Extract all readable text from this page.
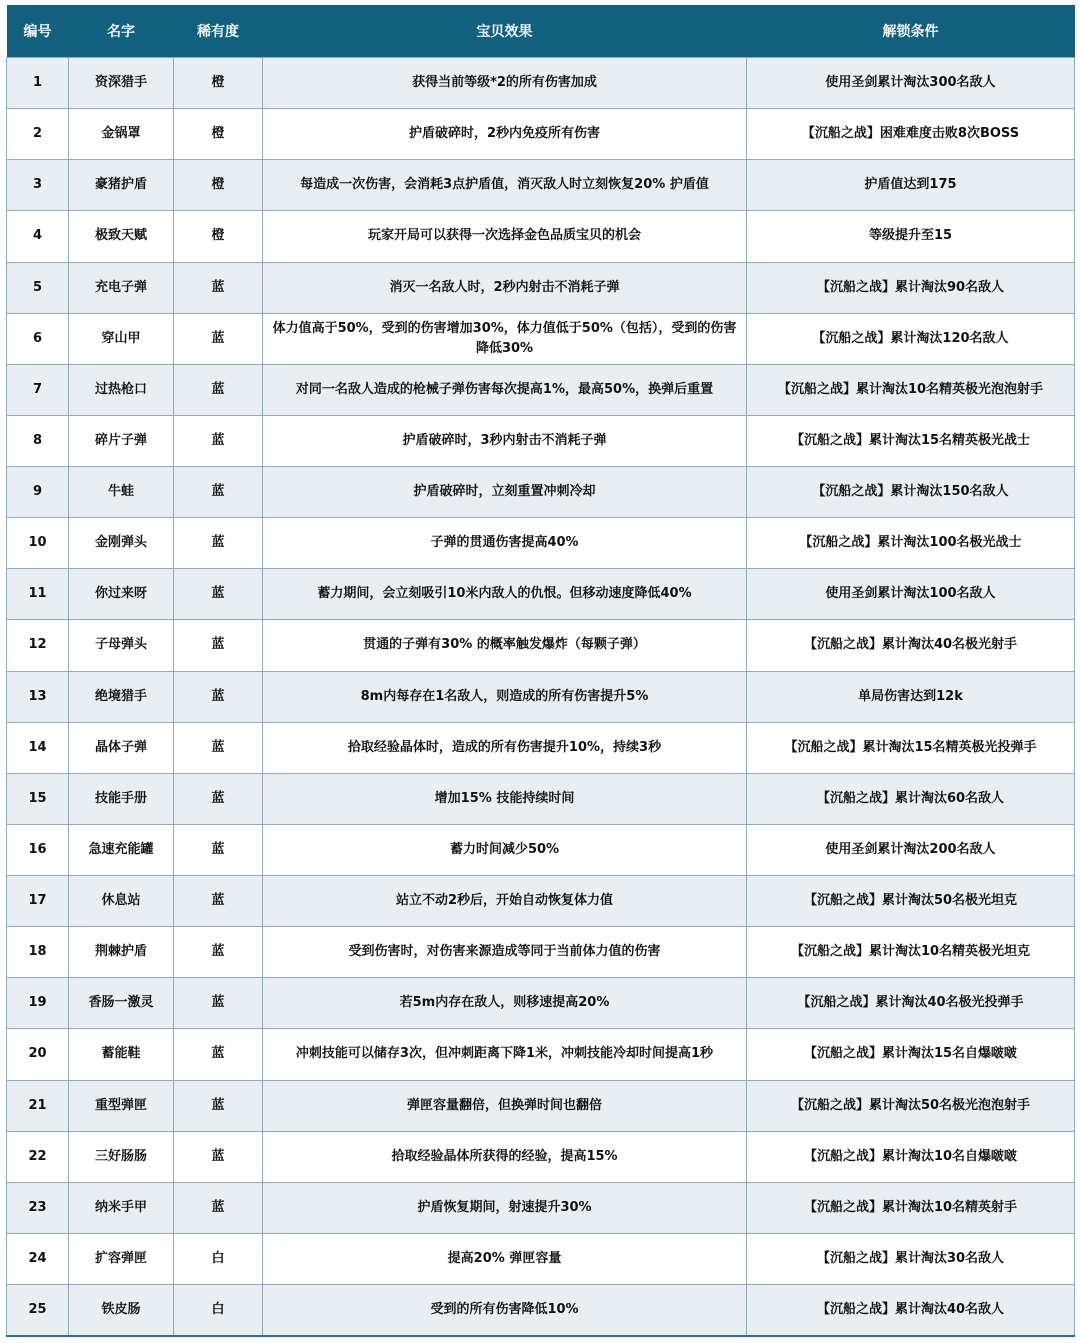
编号	名字	稀有度	宝贝效果	解锁条件
1	资深猎手	橙	获得当前等级*2的所有伤害加成	使用圣剑累计淘汰300名敌人
2	金锅罩	橙	护盾破碎时，2秒内免疫所有伤害	【沉船之战】困难难度击败8次BOSS
3	豪猪护盾	橙	每造成一次伤害，会消耗3点护盾值，消灭敌人时立刻恢复20% 护盾值	护盾值达到175
4	极致天赋	橙	玩家开局可以获得一次选择金色品质宝贝的机会	等级提升至15
5	充电子弹	蓝	消灭一名敌人时，2秒内射击不消耗子弹	【沉船之战】累计淘汰90名敌人
6	穿山甲	蓝	体力值高于50%，受到的伤害增加30%，体力值低于50%（包括），受到的伤害降低30%	【沉船之战】累计淘汰120名敌人
7	过热枪口	蓝	对同一名敌人造成的枪械子弹伤害每次提高1%，最高50%，换弹后重置	【沉船之战】累计淘汰10名精英极光泡泡射手
8	碎片子弹	蓝	护盾破碎时，3秒内射击不消耗子弹	【沉船之战】累计淘汰15名精英极光战士
9	牛蛙	蓝	护盾破碎时，立刻重置冲刺冷却	【沉船之战】累计淘汰150名敌人
10	金刚弹头	蓝	子弹的贯通伤害提高40%	【沉船之战】累计淘汰100名极光战士
11	你过来呀	蓝	蓄力期间，会立刻吸引10米内敌人的仇恨。但移动速度降低40%	使用圣剑累计淘汰100名敌人
12	子母弹头	蓝	贯通的子弹有30% 的概率触发爆炸（每颗子弹）	【沉船之战】累计淘汰40名极光射手
13	绝境猎手	蓝	8m内每存在1名敌人，则造成的所有伤害提升5%	单局伤害达到12k
14	晶体子弹	蓝	拾取经验晶体时，造成的所有伤害提升10%，持续3秒	【沉船之战】累计淘汰15名精英极光投弹手
15	技能手册	蓝	增加15% 技能持续时间	【沉船之战】累计淘汰60名敌人
16	急速充能罐	蓝	蓄力时间减少50%	使用圣剑累计淘汰200名敌人
17	休息站	蓝	站立不动2秒后，开始自动恢复体力值	【沉船之战】累计淘汰50名极光坦克
18	荆棘护盾	蓝	受到伤害时，对伤害来源造成等同于当前体力值的伤害	【沉船之战】累计淘汰10名精英极光坦克
19	香肠一激灵	蓝	若5m内存在敌人，则移速提高20%	【沉船之战】累计淘汰40名极光投弹手
20	蓄能鞋	蓝	冲刺技能可以储存3次，但冲刺距离下降1米，冲刺技能冷却时间提高1秒	【沉船之战】累计淘汰15名自爆啵啵
21	重型弹匣	蓝	弹匣容量翻倍，但换弹时间也翻倍	【沉船之战】累计淘汰50名极光泡泡射手
22	三好肠肠	蓝	拾取经验晶体所获得的经验，提高15%	【沉船之战】累计淘汰10名自爆啵啵
23	纳米手甲	蓝	护盾恢复期间，射速提升30%	【沉船之战】累计淘汰10名精英射手
24	扩容弹匣	白	提高20% 弹匣容量	【沉船之战】累计淘汰30名敌人
25	铁皮肠	白	受到的所有伤害降低10%	【沉船之战】累计淘汰40名敌人
